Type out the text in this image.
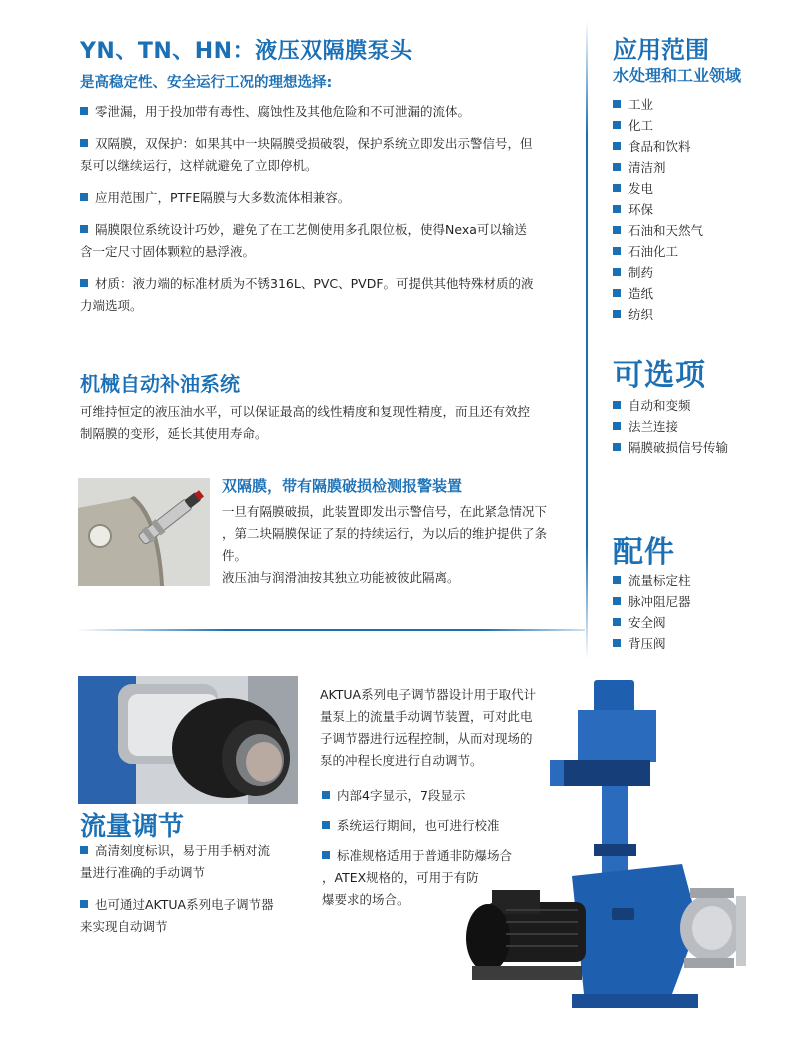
YN、TN、HN：液压双隔膜泵头
是高稳定性、安全运行工况的理想选择:
零泄漏，用于投加带有毒性、腐蚀性及其他危险和不可泄漏的流体。
双隔膜，双保护：如果其中一块隔膜受损破裂，保护系统立即发出示警信号，但
泵可以继续运行，这样就避免了立即停机。
应用范围广，PTFE隔膜与大多数流体相兼容。
隔膜限位系统设计巧妙，避免了在工艺侧使用多孔限位板，使得Nexa可以输送
含一定尺寸固体颗粒的悬浮液。
材质：液力端的标准材质为不锈316L、PVC、PVDF。可提供其他特殊材质的液
力端选项。
机械自动补油系统
可维持恒定的液压油水平，可以保证最高的线性精度和复现性精度，而且还有效控
制隔膜的变形，延长其使用寿命。
双隔膜，带有隔膜破损检测报警装置
一旦有隔膜破损，此装置即发出示警信号，在此紧急情况下
，第二块隔膜保证了泵的持续运行，为以后的维护提供了条
件。
液压油与润滑油按其独立功能被彼此隔离。
流量调节
高清刻度标识，易于用手柄对流
量进行准确的手动调节
也可通过AKTUA系列电子调节器
来实现自动调节
AKTUA系列电子调节器设计用于取代计
量泵上的流量手动调节装置，可对此电
子调节器进行远程控制，从而对现场的
泵的冲程长度进行自动调节。
内部4字显示，7段显示
系统运行期间，也可进行校准
标准规格适用于普通非防爆场合
，ATEX规格的，可用于有防
爆要求的场合。
应用范围
水处理和工业领域
工业
化工
食品和饮料
清洁剂
发电
环保
石油和天然气
石油化工
制药
造纸
纺织
可选项
自动和变频
法兰连接
隔膜破损信号传输
配件
流量标定柱
脉冲阻尼器
安全阀
背压阀
